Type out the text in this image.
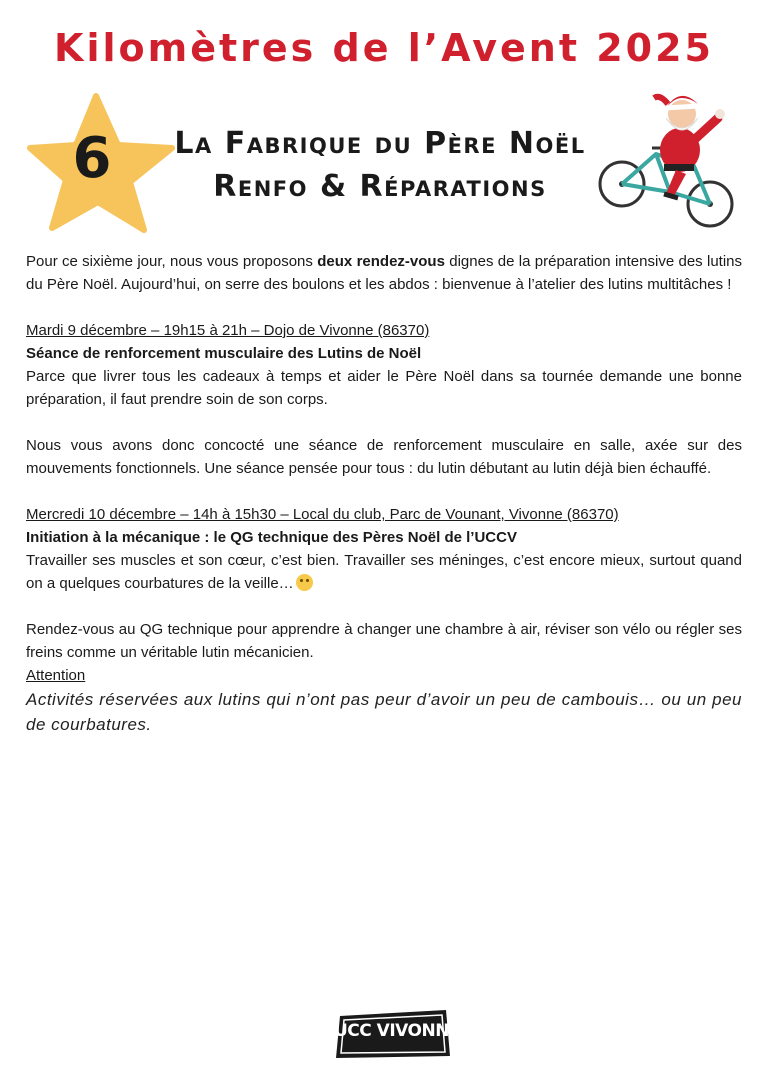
Kilomètres de l’Avent 2025
6	La Fabrique du Père Noël
Renfo & Réparations

Pour ce sixième jour, nous vous proposons deux rendez-vous dignes de la préparation intensive des lutins du Père Noël. Aujourd’hui, on serre des boulons et les abdos : bienvenue à l’atelier des lutins multitâches !

Mardi 9 décembre – 19h15 à 21h – Dojo de Vivonne (86370)

Séance de renforcement musculaire des Lutins de Noël

Parce que livrer tous les cadeaux à temps et aider le Père Noël dans sa tournée demande une bonne préparation, il faut prendre soin de son corps.

Nous vous avons donc concocté une séance de renforcement musculaire en salle, axée sur des mouvements fonctionnels. Une séance pensée pour tous : du lutin débutant au lutin déjà bien échauffé.

Mercredi 10 décembre – 14h à 15h30 – Local du club, Parc de Vounant, Vivonne (86370)

Initiation à la mécanique : le QG technique des Pères Noël de l’UCCV

Travailler ses muscles et son cœur, c’est bien. Travailler ses méninges, c’est encore mieux, surtout quand on a quelques courbatures de la veille…

Rendez-vous au QG technique pour apprendre à changer une chambre à air, réviser son vélo ou régler ses freins comme un véritable lutin mécanicien.

Attention

Activités réservées aux lutins qui n’ont pas peur d’avoir un peu de cambouis… ou un peu de courbatures.

UCC VIVONNE
